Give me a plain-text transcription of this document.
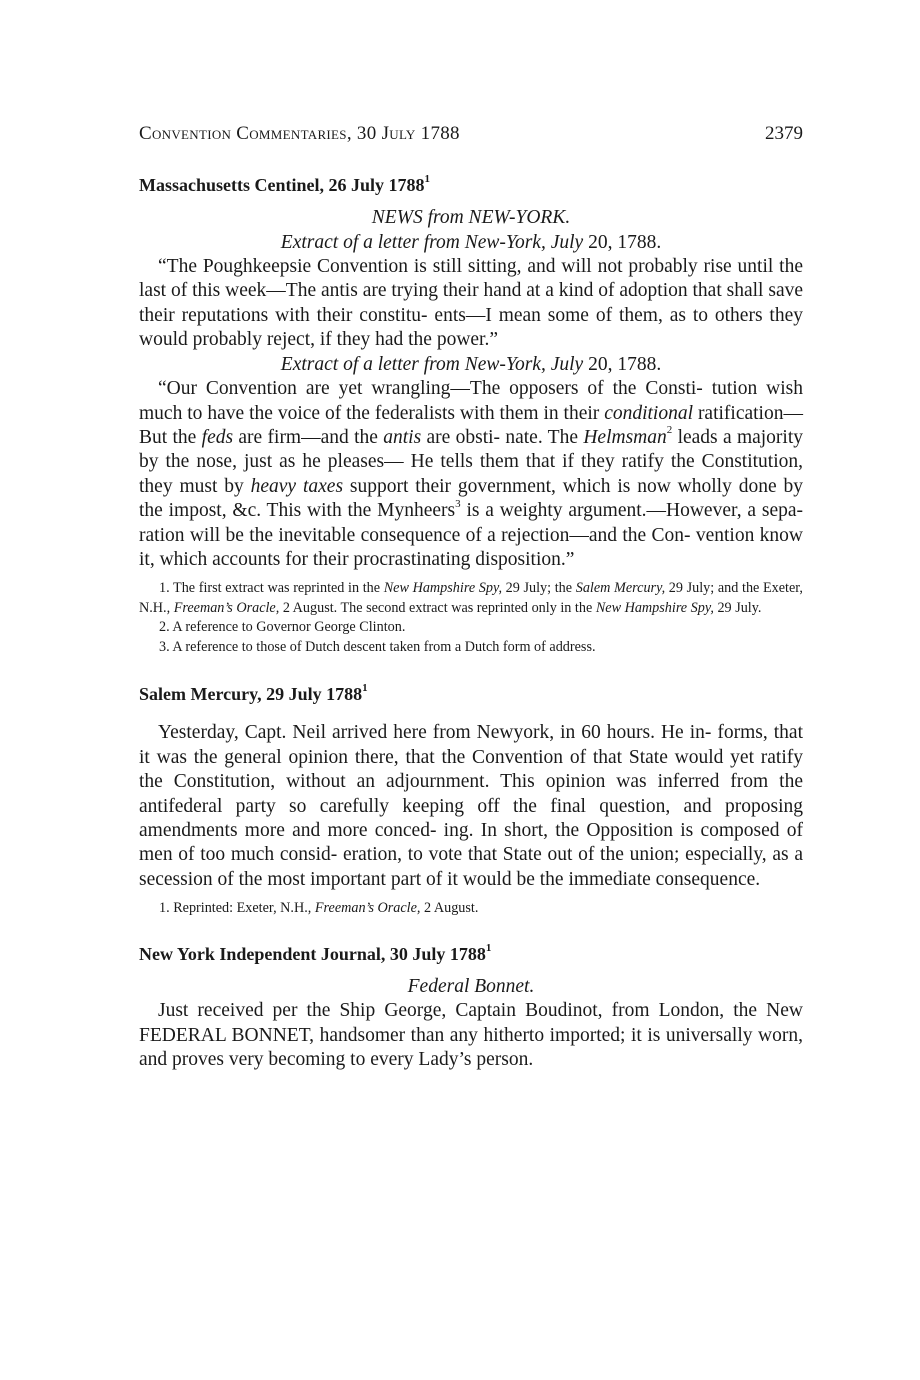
Convention Commentaries, 30 July 1788	2379
Massachusetts Centinel, 26 July 1788$^1$

NEWS from NEW-YORK.

Extract of a letter from New-York, July 20, 1788.

“The Poughkeepsie Convention is still sitting, and will not probably rise until the last of this week—The antis are trying their hand at a kind of adoption that shall save their reputations with their constitu- ents—I mean some of them, as to others they would probably reject, if they had the power.”

Extract of a letter from New-York, July 20, 1788.

“Our Convention are yet wrangling—The opposers of the Consti- tution wish much to have the voice of the federalists with them in their conditional ratification—But the feds are firm—and the antis are obsti- nate. The Helmsman$^2$ leads a majority by the nose, just as he pleases— He tells them that if they ratify the Constitution, they must by heavy taxes support their government, which is now wholly done by the impost, &c. This with the Mynheers$^3$ is a weighty argument.—However, a sepa- ration will be the inevitable consequence of a rejection—and the Con- vention know it, which accounts for their procrastinating disposition.”

1. The first extract was reprinted in the New Hampshire Spy, 29 July; the Salem Mercury, 29 July; and the Exeter, N.H., Freeman’s Oracle, 2 August. The second extract was reprinted only in the New Hampshire Spy, 29 July.

2. A reference to Governor George Clinton.

3. A reference to those of Dutch descent taken from a Dutch form of address.

Salem Mercury, 29 July 1788$^1$

Yesterday, Capt. Neil arrived here from Newyork, in 60 hours. He in- forms, that it was the general opinion there, that the Convention of that State would yet ratify the Constitution, without an adjournment. This opinion was inferred from the antifederal party so carefully keeping off the final question, and proposing amendments more and more conced- ing. In short, the Opposition is composed of men of too much consid- eration, to vote that State out of the union; especially, as a secession of the most important part of it would be the immediate consequence.

1. Reprinted: Exeter, N.H., Freeman’s Oracle, 2 August.

New York Independent Journal, 30 July 1788$^1$

Federal Bonnet.

Just received per the Ship George, Captain Boudinot, from London, the New FEDERAL BONNET, handsomer than any hitherto imported; it is universally worn, and proves very becoming to every Lady’s person.
